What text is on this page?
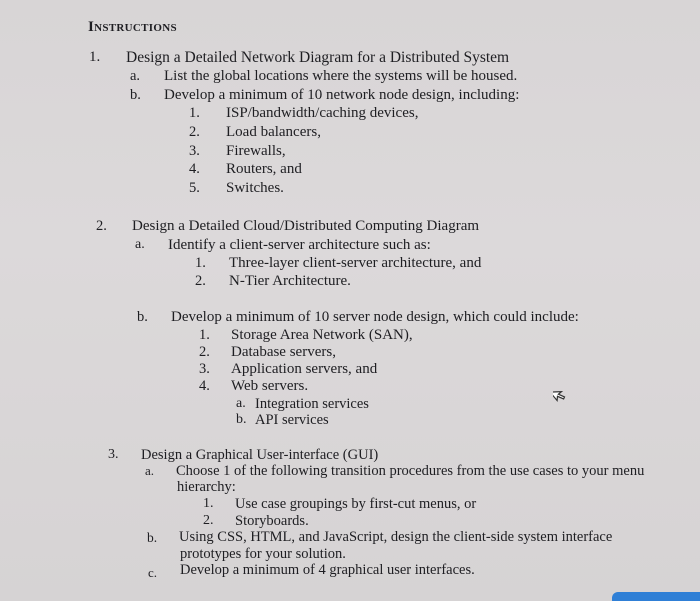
Instructions
1. Design a Detailed Network Diagram for a Distributed System
a. List the global locations where the systems will be housed.
b. Develop a minimum of 10 network node design, including:
1. ISP/bandwidth/caching devices,
2. Load balancers,
3. Firewalls,
4. Routers, and
5. Switches.
2. Design a Detailed Cloud/Distributed Computing Diagram
a. Identify a client-server architecture such as:
1. Three-layer client-server architecture, and
2. N-Tier Architecture.
b. Develop a minimum of 10 server node design, which could include:
1. Storage Area Network (SAN),
2. Database servers,
3. Application servers, and
4. Web servers.
a. Integration services
b. API services
3. Design a Graphical User-interface (GUI)
a. Choose 1 of the following transition procedures from the use cases to your menu
hierarchy:
1. Use case groupings by first-cut menus, or
2. Storyboards.
b. Using CSS, HTML, and JavaScript, design the client-side system interface
prototypes for your solution.
c. Develop a minimum of 4 graphical user interfaces.
